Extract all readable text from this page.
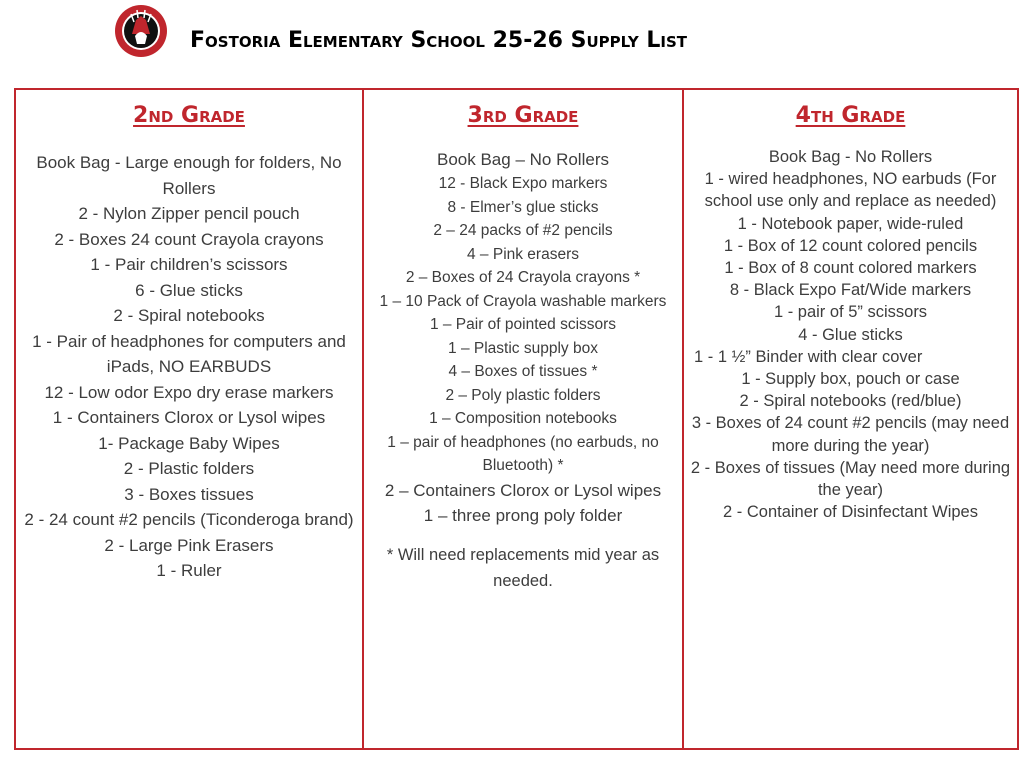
Fostoria Elementary School 25-26 Supply List
2nd Grade
Book Bag - Large enough for folders, No Rollers
2 - Nylon Zipper pencil pouch
2 - Boxes 24 count Crayola crayons
1 - Pair children’s scissors
6 - Glue sticks
2 - Spiral notebooks
1 - Pair of headphones for computers and iPads, NO EARBUDS
12 - Low odor Expo dry erase markers
1 - Containers Clorox or Lysol wipes
1- Package Baby Wipes
2 - Plastic folders
3 - Boxes tissues
2 - 24 count #2 pencils (Ticonderoga brand)
2 - Large Pink Erasers
1 - Ruler
3rd Grade
Book Bag – No Rollers
12 - Black Expo markers
8 - Elmer’s glue sticks
2 – 24 packs of #2 pencils
4 – Pink erasers
2 – Boxes of 24 Crayola crayons *
1 – 10 Pack of Crayola washable markers
1 – Pair of pointed scissors
1 – Plastic supply box
4 – Boxes of tissues *
2 – Poly plastic folders
1 – Composition notebooks
1 – pair of headphones (no earbuds, no Bluetooth) *
2 – Containers Clorox or Lysol wipes
1 – three prong poly folder
* Will need replacements mid year as needed.
4th Grade
Book Bag - No Rollers
1 - wired headphones, NO earbuds (For school use only and replace as needed)
1 - Notebook paper, wide-ruled
1 - Box of 12 count colored pencils
1 - Box of 8 count colored markers
8 - Black Expo Fat/Wide markers
1 - pair of 5” scissors
4 - Glue sticks
1 - 1 ½” Binder with clear cover
1 - Supply box, pouch or case
2 - Spiral notebooks (red/blue)
3 - Boxes of 24 count #2 pencils (may need more during the year)
2 - Boxes of tissues (May need more during the year)
2 - Container of Disinfectant Wipes
